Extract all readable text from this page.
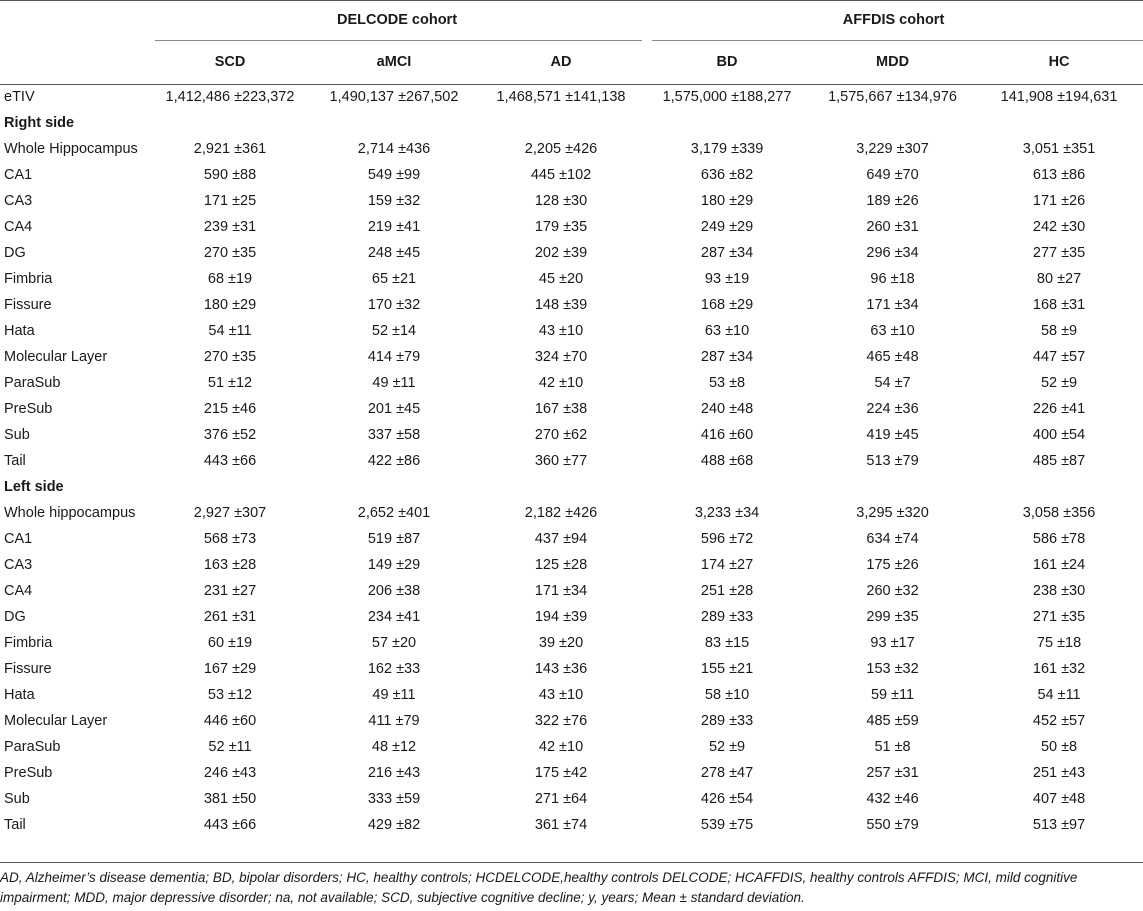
	DELCODE cohort			AFFDIS cohort		
	SCD	aMCI	AD	BD	MDD	HC
eTIV	1,412,486 ±223,372	1,490,137 ±267,502	1,468,571 ±141,138	1,575,000 ±188,277	1,575,667 ±134,976	141,908 ±194,631
Right side						
Whole Hippocampus	2,921 ±361	2,714 ±436	2,205 ±426	3,179 ±339	3,229 ±307	3,051 ±351
CA1	590 ±88	549 ±99	445 ±102	636 ±82	649 ±70	613 ±86
CA3	171 ±25	159 ±32	128 ±30	180 ±29	189 ±26	171 ±26
CA4	239 ±31	219 ±41	179 ±35	249 ±29	260 ±31	242 ±30
DG	270 ±35	248 ±45	202 ±39	287 ±34	296 ±34	277 ±35
Fimbria	68 ±19	65 ±21	45 ±20	93 ±19	96 ±18	80 ±27
Fissure	180 ±29	170 ±32	148 ±39	168 ±29	171 ±34	168 ±31
Hata	54 ±11	52 ±14	43 ±10	63 ±10	63 ±10	58 ±9
Molecular Layer	270 ±35	414 ±79	324 ±70	287 ±34	465 ±48	447 ±57
ParaSub	51 ±12	49 ±11	42 ±10	53 ±8	54 ±7	52 ±9
PreSub	215 ±46	201 ±45	167 ±38	240 ±48	224 ±36	226 ±41
Sub	376 ±52	337 ±58	270 ±62	416 ±60	419 ±45	400 ±54
Tail	443 ±66	422 ±86	360 ±77	488 ±68	513 ±79	485 ±87
Left side						
Whole hippocampus	2,927 ±307	2,652 ±401	2,182 ±426	3,233 ±34	3,295 ±320	3,058 ±356
CA1	568 ±73	519 ±87	437 ±94	596 ±72	634 ±74	586 ±78
CA3	163 ±28	149 ±29	125 ±28	174 ±27	175 ±26	161 ±24
CA4	231 ±27	206 ±38	171 ±34	251 ±28	260 ±32	238 ±30
DG	261 ±31	234 ±41	194 ±39	289 ±33	299 ±35	271 ±35
Fimbria	60 ±19	57 ±20	39 ±20	83 ±15	93 ±17	75 ±18
Fissure	167 ±29	162 ±33	143 ±36	155 ±21	153 ±32	161 ±32
Hata	53 ±12	49 ±11	43 ±10	58 ±10	59 ±11	54 ±11
Molecular Layer	446 ±60	411 ±79	322 ±76	289 ±33	485 ±59	452 ±57
ParaSub	52 ±11	48 ±12	42 ±10	52 ±9	51 ±8	50 ±8
PreSub	246 ±43	216 ±43	175 ±42	278 ±47	257 ±31	251 ±43
Sub	381 ±50	333 ±59	271 ±64	426 ±54	432 ±46	407 ±48
Tail	443 ±66	429 ±82	361 ±74	539 ±75	550 ±79	513 ±97
AD, Alzheimer’s disease dementia; BD, bipolar disorders; HC, healthy controls; HCDELCODE,healthy controls DELCODE; HCAFFDIS, healthy controls AFFDIS; MCI, mild cognitive impairment; MDD, major depressive disorder; na, not available; SCD, subjective cognitive decline; y, years; Mean ± standard deviation.
